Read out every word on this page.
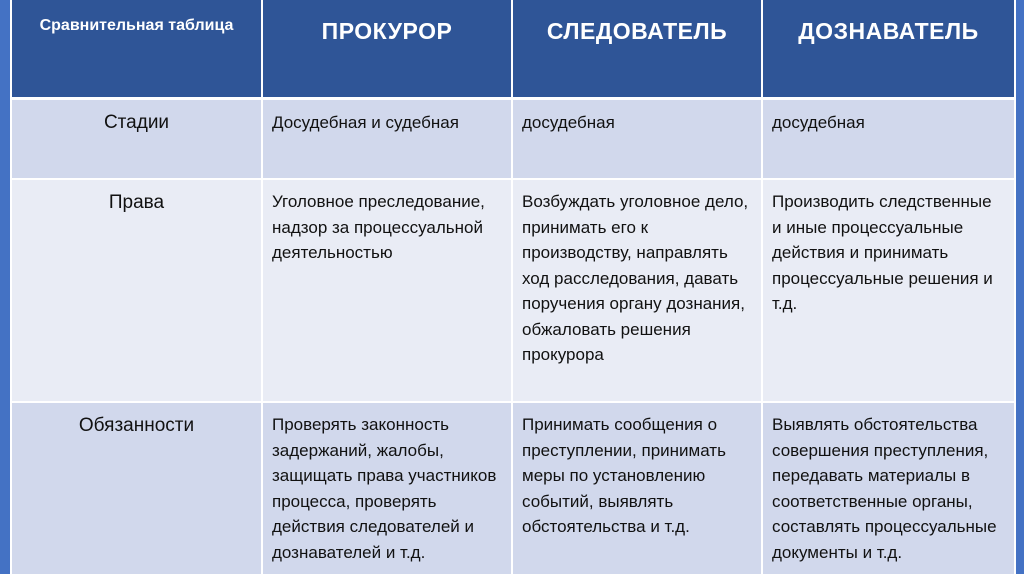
Сравнительная таблица	ПРОКУРОР	СЛЕДОВАТЕЛЬ	ДОЗНАВАТЕЛЬ
Стадии	Досудебная и судебная	досудебная	досудебная
Права	Уголовное преследование, надзор за процессуальной деятельностью	Возбуждать уголовное дело, принимать его к производству, направлять ход расследования, давать поручения органу дознания, обжаловать решения прокурора	Производить следственные и иные процессуальные действия и принимать процессуальные решения и т.д.
Обязанности	Проверять законность задержаний, жалобы, защищать права участников процесса, проверять действия следователей и дознавателей и т.д.	Принимать сообщения о преступлении, принимать меры по установлению событий, выявлять обстоятельства и т.д.	Выявлять обстоятельства совершения преступления, передавать материалы в соответственные органы, составлять процессуальные документы и т.д.
